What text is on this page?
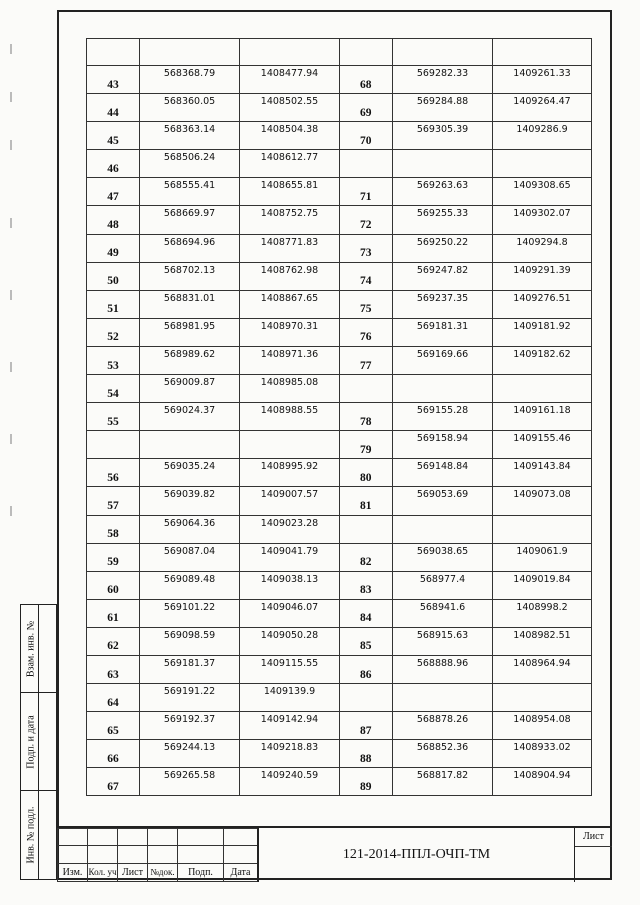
43	568368.79	1408477.94	68	569282.33	1409261.33

44	568360.05	1408502.55	69	569284.88	1409264.47

45	568363.14	1408504.38	70	569305.39	1409286.9

46	568506.24	1408612.77			

47	568555.41	1408655.81	71	569263.63	1409308.65

48	568669.97	1408752.75	72	569255.33	1409302.07

49	568694.96	1408771.83	73	569250.22	1409294.8

50	568702.13	1408762.98	74	569247.82	1409291.39

51	568831.01	1408867.65	75	569237.35	1409276.51

52	568981.95	1408970.31	76	569181.31	1409181.92

53	568989.62	1408971.36	77	569169.66	1409182.62

54	569009.87	1408985.08			

55	569024.37	1408988.55	78	569155.28	1409161.18

			79	569158.94	1409155.46

56	569035.24	1408995.92	80	569148.84	1409143.84

57	569039.82	1409007.57	81	569053.69	1409073.08

58	569064.36	1409023.28			

59	569087.04	1409041.79	82	569038.65	1409061.9

60	569089.48	1409038.13	83	568977.4	1409019.84

61	569101.22	1409046.07	84	568941.6	1408998.2

62	569098.59	1409050.28	85	568915.63	1408982.51

63	569181.37	1409115.55	86	568888.96	1408964.94

64	569191.22	1409139.9			

65	569192.37	1409142.94	87	568878.26	1408954.08

66	569244.13	1409218.83	88	568852.36	1408933.02

67	569265.58	1409240.59	89	568817.82	1408904.94
Взам. инв. №
Подп. и дата
Инв. № подл.

Изм.	Кол. уч	Лист	№док.	Подп.	Дата
121-2014-ППЛ-ОЧП-ТМ
Лист
